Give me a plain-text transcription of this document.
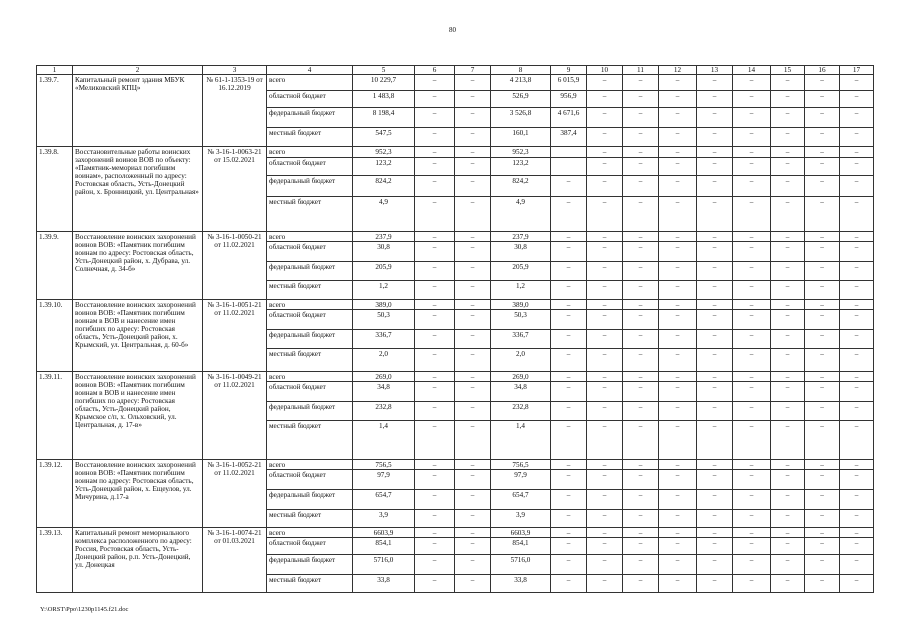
80
1	2	3	4	5	6	7	8	9	10	11	12	13	14	15	16	17
1.39.7.	Капитальный ремонт здания МБУК «Меликовский КПЦ»	№ 61-1-1353-19 от 16.12.2019	всего	10 229,7	–	–	4 213,8	6 015,9	–	–	–	–	–	–	–	–
			областной бюджет	1 483,8	–	–	526,9	956,9	–	–	–	–	–	–	–	–
			федеральный бюджет	8 198,4	–	–	3 526,8	4 671,6	–	–	–	–	–	–	–	–
			местный бюджет	547,5	–	–	160,1	387,4	–	–	–	–	–	–	–	–
1.39.8.	Восстановительные работы воинских захоронений воинов ВОВ по объекту: «Памятник-мемориал погибшим воинам», расположенный по адресу: Ростовская область, Усть-Донецкий район, х. Бронницкий, ул. Центральная»	№ 3-16-1-0063-21 от 15.02.2021	всего	952,3	–	–	952,3		–	–	–	–	–	–	–	–
			областной бюджет	123,2	–	–	123,2		–	–	–	–	–	–	–	–
			федеральный бюджет	824,2	–	–	824,2	–	–	–	–	–	–	–	–	–
			местный бюджет	4,9	–	–	4,9	–	–	–	–	–	–	–	–	–
1.39.9.	Восстановление воинских захоронений воинов ВОВ: «Памятник погибшим воинам по адресу: Ростовская область, Усть-Донецкий район, х. Дубрава, ул. Солнечная, д. 34-б»	№ 3-16-1-0050-21 от 11.02.2021	всего	237,9	–	–	237,9	–	–	–	–	–	–	–	–	–
			областной бюджет	30,8	–	–	30,8	–	–	–	–	–	–	–	–	–
			федеральный бюджет	205,9	–	–	205,9	–	–	–	–	–	–	–	–	–
			местный бюджет	1,2	–	–	1,2	–	–	–	–	–	–	–	–	–
1.39.10.	Восстановление воинских захоронений воинов ВОВ: «Памятник погибшим воинам в ВОВ и нанесение имен погибших по адресу: Ростовская область, Усть-Донецкий район, х. Крымский, ул. Центральная, д. 60-б»	№ 3-16-1-0051-21 от 11.02.2021	всего	389,0	–	–	389,0	–	–	–	–	–	–	–	–	–
			областной бюджет	50,3	–	–	50,3	–	–	–	–	–	–	–	–	–
			федеральный бюджет	336,7	–	–	336,7	–	–	–	–	–	–	–	–	–
			местный бюджет	2,0	–	–	2,0	–	–	–	–	–	–	–	–	–
1.39.11.	Восстановление воинских захоронений воинов ВОВ: «Памятник погибшим воинам в ВОВ и нанесение имен погибших по адресу: Ростовская область, Усть-Донецкий район, Крымское с/п, х. Ольховский, ул. Центральная, д. 17-в»	№ 3-16-1-0049-21 от 11.02.2021	всего	269,0	–	–	269,0	–	–	–	–	–	–	–	–	–
			областной бюджет	34,8	–	–	34,8	–	–	–	–	–	–	–	–	–
			федеральный бюджет	232,8	–	–	232,8	–	–	–	–	–	–	–	–	–
			местный бюджет	1,4	–	–	1,4	–	–	–	–	–	–	–	–	–
1.39.12.	Восстановление воинских захоронений воинов ВОВ: «Памятник погибшим воинам по адресу: Ростовская область, Усть-Донецкий район, х. Ещеулов, ул. Мичурина, д.17-а	№ 3-16-1-0052-21 от 11.02.2021	всего	756,5	–	–	756,5	–	–	–	–	–	–	–	–	–
			областной бюджет	97,9	–	–	97,9	–	–	–	–	–	–	–	–	–
			федеральный бюджет	654,7	–	–	654,7	–	–	–	–	–	–	–	–	–
			местный бюджет	3,9	–	–	3,9	–	–	–	–	–	–	–	–	–
1.39.13.	Капитальный ремонт мемориального комплекса расположенного по адресу: Россия, Ростовская область, Усть-Донецкий район, р.п. Усть-Донецкий, ул. Донецкая	№ 3-16-1-0074-21 от 01.03.2021	всего	6603,9	–	–	6603,9	–	–	–	–	–	–	–	–	–
			областной бюджет	854,1	–	–	854,1	–	–	–	–	–	–	–	–	–
			федеральный бюджет	5716,0	–	–	5716,0	–	–	–	–	–	–	–	–	–
			местный бюджет	33,8	–	–	33,8	–	–	–	–	–	–	–	–	–
Y:\ORST\Ppo\1230p1145.f21.doc
